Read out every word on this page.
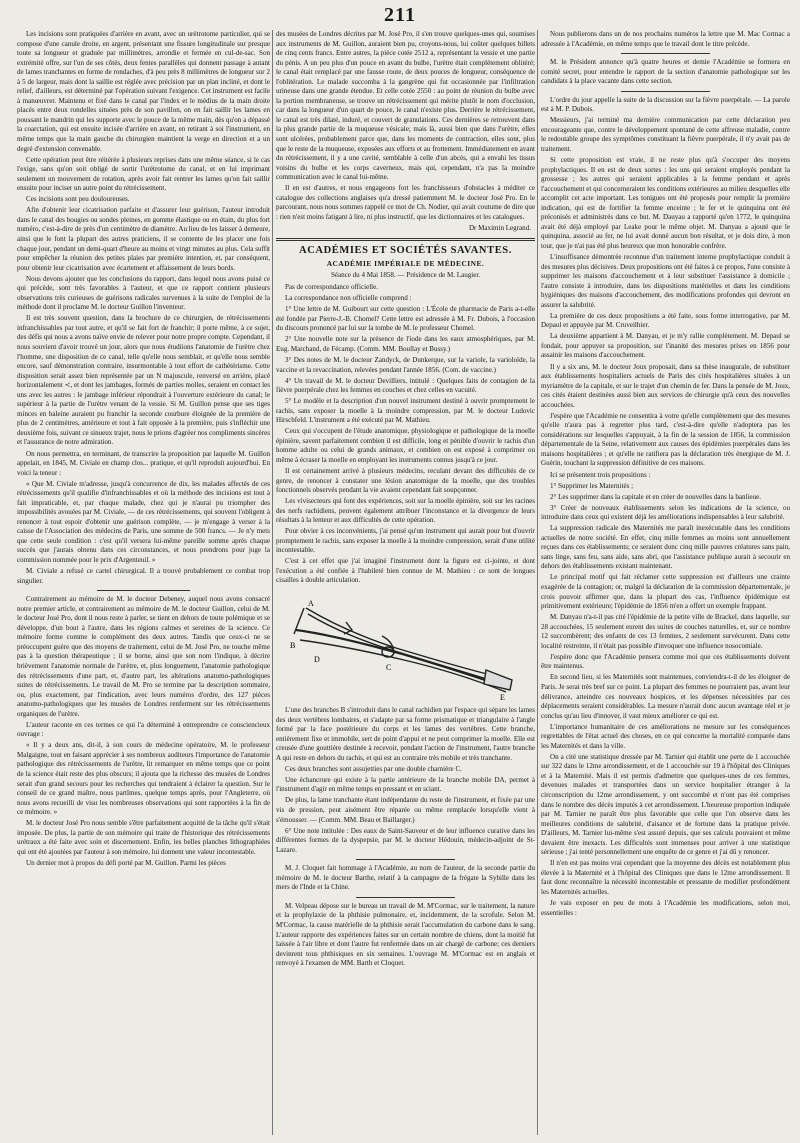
211

Les incisions sont pratiquées d'arrière en avant, avec un urétrotome particulier, qui se compose d'une canule droite, en argent, présentant une fissure longitudinale sur presque toute sa longueur et graduée par millimètres, arrondie et fermée en cul-de-sac. Son extrémité offre, sur l'un de ses côtés, deux fentes parallèles qui donnent passage à autant de lames tranchantes en forme de rondaches, d'à peu près 8 millimètres de longueur sur 2 à 5 de largeur, mais dont la saillie est réglée avec précision par un plan incliné, et dont le relief, d'ailleurs, est déterminé par l'opération suivant l'exigence. Cet instrument est facile à manœuvrer. Maintenu et fixé dans le canal par l'index et le médius de la main droite placés entre deux rondelles situées près de son pavillon, on en fait saillir les lames en poussant le mandrin qui les supporte avec le pouce de la même main, dès qu'on a dépassé la coarctation, qui est ensuite incisée d'arrière en avant, en retirant à soi l'instrument, en même temps que la main gauche du chirurgien maintient la verge en direction et a un degré d'extension convenable.

Cette opération peut être réitérée à plusieurs reprises dans une même séance, si le cas l'exige, sans qu'on soit obligé de sortir l'urétrotome du canal, et en lui imprimant seulement un mouvement de rotation, après avoir fait rentrer les lames qu'on fait saillir ensuite pour inciser un autre point du rétrécissement.

Ces incisions sont peu douloureuses.

Afin d'obtenir leur cicatrisation parfaite et d'assurer leur guérison, l'auteur introduit dans le canal des bougies ou sondes pleines, en gomme élastique ou en étain, du plus fort numéro, c'est-à-dire de près d'un centimètre de diamètre. Au lieu de les laisser à demeure, ainsi que le font la plupart des autres praticiens, il se contente de les placer une fois chaque jour, pendant un demi-quart d'heure au moins et vingt minutes au plus. Cela suffit pour empêcher la réunion des petites plaies par première intention, et, par conséquent, pour obtenir leur cicatrisation avec écartement et affaissement de leurs bords.

Nous devons ajouter que les conclusions du rapport, dans lequel nous avons puisé ce qui précède, sont très favorables à l'auteur, et que ce rapport contient plusieurs observations très curieuses de guérisons radicales survenues à la suite de l'emploi de la méthode dont il proclame M. le docteur Guillon l'inventeur.

Il est très souvent question, dans la brochure de ce chirurgien, de rétrécissements infranchissables par tout autre, et qu'il se fait fort de franchir; il porte même, à ce sujet, des défis qui nous a avons naïve envie de relever pour notre propre compte. Cependant, il nous souvient d'avoir trouvé un jour, alors que nous étudiions l'anatomie de l'urètre chez l'homme, une disposition de ce canal, telle qu'elle nous semblait, et qu'elle nous semble encore, sauf démonstration contraire, insurmontable à tout effort de cathétérisme. Cette disposition serait assez bien représentée par un N majuscule, renversé en arrière, placé horizontalement ≺, et dont les jambages, formés de parties molles, seraient en contact les uns avec les autres : le jambage inférieur répondrait à l'ouverture extérieure du canal; le supérieur à la partie de l'urètre venant de la vessie. Si M. Guillon pense que ses tiges minces en baleine auraient pu franchir la seconde courbure éloignée de la première de plus de 2 centimètres, antérieure et tout à fait opposée à la première, puis s'infléchir une deuxième fois, suivant ce sinueux trajet, nous le prions d'agréer nos compliments sincères et l'assurance de notre admiration.

On nous permettra, en terminant, de transcrire la proposition par laquelle M. Guillon appelait, en 1845, M. Civiale en champ clos... pratique, et qu'il reproduit aujourd'hui. En voici la teneur :

« Que M. Civiale m'adresse, jusqu'à concurrence de dix, les malades affectés de ces rétrécissements qu'il qualifie d'infranchissables et où la méthode des incisions est tout à fait impraticable, et, par chaque malade, chez qui je n'aurai pu triompher des impossibilités avouées par M. Civiale, — de ces rétrécissements, qui souvent l'obligent à renoncer à tout espoir d'obtenir une guérison complète, — je m'engage à verser à la caisse de l'Association des médecins de Paris, une somme de 500 francs. — Je n'y mets que cette seule condition : c'est qu'il versera lui-même pareille somme après chaque succès que j'aurais obtenu dans ces circonstances, et nous prendrons pour juge la commission nommée pour le prix d'Argenteuil. »

M. Civiale a refusé ce cartel chirurgical. Il a trouvé probablement ce combat trop singulier.

Contrairement au mémoire de M. le docteur Debeney, auquel nous avons consacré notre premier article, et contrairement au mémoire de M. le docteur Guillon, celui de M. le docteur José Pro, dont il nous reste à parler, se tient en dehors de toute polémique et se développe, d'un bout à l'autre, dans les régions calmes et sereines de la science. Ce mémoire forme comme le complément des deux autres. Tandis que ceux-ci ne se préoccupent guère que des moyens de traitement, celui de M. José Pro, ne touche même pas à la question thérapeutique ; il se borne, ainsi que son nom l'indique, à décrire brièvement l'anatomie normale de l'urètre, et, plus longuement, l'anatomie pathologique des rétrécissements d'une part, et, d'autre part, les altérations anatomo-pathologiques suites de rétrécissements. Le travail de M. Pro se termine par la description sommaire, ou, plus exactement, par l'indication, avec leurs numéros d'ordre, des 127 pièces anatomo-pathologiques que les musées de Londres renferment sur les rétrécissements organiques de l'urètre.

L'auteur raconte en ces termes ce qui l'a déterminé à entreprendre ce consciencieux ouvrage :

« Il y a deux ans, dit-il, à son cours de médecine opératoire, M. le professeur Malgaigne, tout en faisant apprécier à ses nombreux auditeurs l'importance de l'anatomie pathologique des rétrécissements de l'urètre, lit remarquer en même temps que ce point de la science était reste des plus obscurs; il ajouta que la richesse des musées de Londres serait d'un grand secours pour les recherches qui tendraient à éclairer la question. Sur le conseil de ce grand maître, nous partîmes, quelque temps après, pour l'Angleterre, où nous avons recueilli de visu les nombreuses observations qui sont rapportées à la fin de ce mémoire. »

M. le docteur José Pro nous semble s'être parfaitement acquitté de la tâche qu'il s'était imposée. De plus, la partie de son mémoire qui traite de l'historique des rétrécissements urétraux a été faite avec soin et discernement. Enfin, les belles planches lithographiées qui ont été ajoutées par l'auteur à son mémoire, lui donnent une valeur incontestable.

Un dernier mot à propos du défi porté par M. Guillon. Parmi les pièces

des musées de Londres décrites par M. José Pro, il s'en trouve quelques-unes qui, soumises aux instruments de M. Guillon, auraient bien pu, croyons-nous, lui coûter quelques billets de cinq cents francs. Entre autres, la pièce cotée 2512 a, représentant la vessie et une partie du pénis. A un peu plus d'un pouce en avant du bulbe, l'urètre était complètement oblitéré; le canal était remplacé par une fausse route, de deux pouces de longueur, conséquence de l'oblitération. Le malade succomba à la gangrène qui fut occasionnée par l'infiltration urineuse dans une grande étendue. Et celle cotée 2550 : au point de réunion du bulbe avec la portion membraneuse, se trouve un rétrécissement qui mérite plutôt le nom d'occlusion, car dans la longueur d'un quart de pouce, le canal n'existe plus. Derrière le rétrécissement, le canal est très dilaté, induré, et couvert de granulations. Ces dernières se retrouvent dans la plus grande partie de la muqueuse vésicale; mais là, aussi bien que dans l'urètre, elles sont ulcérées, probablement parce que, dans les moments de contraction, elles sont, plus que le reste de la muqueuse, exposées aux efforts et au frottement. Immédiatement en avant du rétrécissement, il y a une cavité, semblable à celle d'un abcès, qui a envahi les tissus voisins du bulbe et les corps caverneux, mais qui, cependant, n'a pas la moindre communication avec le canal lui-même.

Il en est d'autres, et nous engageons fort les franchisseurs d'obstacles à méditer ce catalogue des collections anglaises qu'a dressé patiemment M. le docteur José Pro. En le parcourant, nous nous sommes rappelé ce mot de Ch. Nodier, qui avait coutume de dire que : rien n'est moins fatigant à lire, ni plus instructif, que les dictionnaires et les catalogues.

Dr Maximin Legrand.
ACADÉMIES ET SOCIÉTÉS SAVANTES.
ACADÉMIE IMPÉRIALE DE MÉDECINE.
Séance du 4 Mai 1858. — Présidence de M. Laugier.

Pas de correspondance officielle.

La correspondance non officielle comprend :

1° Une lettre de M. Guibourt sur cette question : L'École de pharmacie de Paris a-t-elle été fondée par Pierre-J.-B. Chomel? Cette lettre est adressée à M. Fr. Dubois, à l'occasion du discours prononcé par lui sur la tombe de M. le professeur Chomel.

2° Une nouvelle note sur la présence de l'iode dans les eaux atmosphériques, par M. Eug. Marchand, de Fécamp. (Comm. MM. Boullay et Bussy.)

3° Des notes de M. le docteur Zandyck, de Dunkerque, sur la variole, la varioloïde, la vaccine et la revaccination, relevées pendant l'année 1856. (Com. de vaccine.)

4° Un travail de M. le docteur Devilliers, intitulé : Quelques faits de contagion de la fièvre puerpérale chez les femmes en couches et chez celles en vacuité.

5° Le modèle et la description d'un nouvel instrument destiné à ouvrir promptement le rachis, sans exposer la moelle à la moindre compression, par M. le docteur Ludovic Hirschfeld. L'instrument a été exécuté par M. Mathieu.

Ceux qui s'occupent de l'étude anatomique, physiologique et pathologique de la moelle épinière, savent parfaitement combien il est difficile, long et pénible d'ouvrir le rachis d'un homme adulte ou celui de grands animaux, et combien on est exposé à comprimer ou même à écraser la moelle en employant les instruments connus jusqu'à ce jour.

Il est certainement arrivé à plusieurs médecins, reculant devant des difficultés de ce genre, de renoncer à constater une lésion anatomique de la moelle, que des troubles fonctionnels observés pendant la vie avaient cependant fait soupçonner.

Les vivisecteurs qui font des expériences, soit sur la moelle épinière, soit sur les racines des nerfs rachidiens, peuvent également attribuer l'inconstance et la divergence de leurs résultats à la lenteur et aux difficultés de cette opération.

Pour obvier à ces inconvénients, j'ai pensé qu'un instrument qui aurait pour but d'ouvrir promptement le rachis, sans exposer la moelle à la moindre compression, serait d'une utilité incontestable.

C'est à cet effet que j'ai imaginé l'instrument dont la figure est ci-jointe, et dont l'exécution a été confiée à l'habileté bien connue de M. Mathieu : ce sont de longues cisailles à double articulation.

A
B
C
D
E

L'une des branches B s'introduit dans le canal rachidien par l'espace qui sépare les lames des deux vertèbres lombaires, et s'adapte par sa forme prismatique et triangulaire à l'angle formé par la face postérieure du corps et les lames des vertèbres. Cette branche, entièrement fixe et immobile, sert de point d'appui et ne peut comprimer la moelle. Elle est creusée d'une gouttière destinée à recevoir, pendant l'action de l'instrument, l'autre branche A qui reste en dehors du rachis, et qui est au contraire très mobile et très tranchante.

Ces deux branches sont assujetties par une double charnière C.

Une échancrure qui existe à la partie antérieure de la branche mobile DA, permet à l'instrument d'agir en même temps en pressant et en sciant.

De plus, la lame tranchante étant indépendante du reste de l'instrument, et fixée par une vis de pression, peut aisément être réparée ou même remplacée lorsqu'elle vient à s'émousser. — (Comm. MM. Beau et Baillarger.)

6° Une note intitulée : Des eaux de Saint-Sauveur et de leur influence curative dans les différentes formes de la dyspepsie, par M. le docteur Hédouin, médecin-adjoint de St-Lazare.

M. J. Cloquet fait hommage à l'Académie, au nom de l'auteur, de la seconde partie du mémoire de M. le docteur Barthe, relatif à la campagne de la frégate la Sybille dans les mers de l'Inde et la Chine.

M. Velpeau dépose sur le bureau un travail de M. M'Cormac, sur le traitement, la nature et la prophylaxie de la phthisie pulmonaire, et, incidemment, de la scrofule. Selon M. M'Cormac, la cause matérielle de la phthisie serait l'accumulation du carbone dans le sang. L'auteur rapporte des expériences faites sur un certain nombre de chiens, dont la moitié fut laissée à l'air libre et dont l'autre fut renfermée dans un air chargé de carbone; ces derniers devinrent tous phthisiques en six semaines. L'ouvrage M. M'Cormac est en anglais et renvoyé à l'examen de MM. Barth et Cloquet.

Nous publierons dans un de nos prochains numéros la lettre que M. Mac Cormac a adressée à l'Académie, en même temps que le travail dont le titre précède.

M. le Président annonce qu'à quatre heures et demie l'Académie se formera en comité secret, pour entendre le rapport de la section d'anatomie pathologique sur les candidats à la place vacante dans cette section.

L'ordre du jour appelle la suite de la discussion sur la fièvre puerpérale. — La parole est à M. P. Dubois.

Messieurs, j'ai terminé ma dernière communication par cette déclaration peu encourageante que, contre le développement spontané de cette affreuse maladie, contre le redoutable groupe des symptômes constituant la fièvre puerpérale, il n'y avait pas de traitement.

Si cette proposition est vraie, il ne reste plus qu'à s'occuper des moyens prophylactiques. Il en est de deux sortes : les uns qui seraient employés pendant la grossesse ; les autres qui seraient applicables à la femme pendant et après l'accouchement et qui concerneraient les conditions extérieures au milieu desquelles elle accomplit cet acte important. Les tonigues ont été proposés pour remplir la première indication, qui est de fortifier la femme enceinte ; le fer et le quinquina ont été préconisés et administrés dans ce but. M. Dauyau a rapporté qu'en 1772, le quinquina avait été déjà employé par Leake pour le même objet. M. Danyau a ajouté que le quinquina, associé au fer, ne lui avait donné aucun bon résultat, et je dois dire, à mon tour, que je n'ai pas été plus heureux que mon honorable confrère.

L'insuffisance démontrée reconnue d'un traitement interne prophylactique conduit à des mesures plus décisives. Deux propositions ont été faites à ce propos, l'une consiste à supprimer les maisons d'accouchement et à leur substituer l'assistance à domicile ; l'autre consiste à introduire, dans les dispositions matérielles et dans les conditions hygiéniques des maisons d'accouchement, des modifications profondes qui devront en assurer la salubrité.

La première de ces deux propositions a été faite, sous forme interrogative, par M. Depaul et appuyée par M. Cruveilhier.

La deuxième appartient à M. Danyau, et je m'y rallie complètement. M. Depaul se fondait, pour appuyer sa proposition, sur l'inanité des mesures prises en 1856 pour assainir les maisons d'accouchement.

Il y a six ans, M. le docteur Joux proposait, dans sa thèse inaugurale, de substituer aux établissements hospitaliers actuels de Paris des cités hospitalières situées à un myriamètre de la capitale, et sur le trajet d'un chemin de fer. Dans la pensée de M. Joux, ces cités étaient destinées aussi bien aux services de chirurgie qu'à ceux des nouvelles accouchées.

J'espère que l'Académie ne consentira à votre qu'elle complètement que des mesures qu'elle n'aura pas à regretter plus tard, c'est-à-dire qu'elle n'adoptera pas les considérations sur lesquelles s'appuyait, à la fin de la session de 1856, la commission départementale de la Seine, relativement aux causes des épidémies puerpérales dans les maisons hospitalières ; et qu'elle ne ratifiera pas la déclaration très énergique de M. J. Guérin, touchant la suppression définitive de ces maisons.

Ici se présentent trois propositions :

1° Supprimer les Maternités ;

2° Les supprimer dans la capitale et en créer de nouvelles dans la banlieue.

3° Créer de nouveaux établissements selon les indications de la science, ou introduire dans ceux qui existent déjà les améliorations indispensables à leur salubrité.

La suppression radicale des Maternités me paraît inexécutable dans les conditions actuelles de notre société. En effet, cinq mille femmes au moins sont annuellement reçues dans ces établissements; ce seraient donc cinq mille pauvres créatures sans pain, sans linge, sans feu, sans aide, sans abri, que l'assistance publique aurait à secourir en dehors des établissements existant maintenant.

Le principal motif qui fait réclamer cette suppression est d'ailleurs une crainte exagérée de la contagion; or, malgré la déclaration de la commission départementale, je crois pouvoir affirmer que, dans la plupart des cas, l'influence épidémique est primitivement extérieure; l'épidémie de 1856 m'en a offert un exemple frappant.

M. Danyau n'a-t-il pas cité l'épidémie de la petite ville de Brackel, dans laquelle, sur 28 accouchées, 15 seulement eurent des suites de couches naturelles, et, sur ce nombre 12 succombèrent; des enfants de ces 13 femmes, 2 seulement survécurent. Dans cette localité restreinte, il n'était pas possible d'invoquer une influence nosocomiale.

J'espère donc que l'Académie pensera comme moi que ces établissements doivent être maintenus.

En second lieu, si les Maternités sont maintenues, conviendra-t-il de les éloigner de Paris. Je serai très bref sur ce point. La plupart des femmes ne pourraient pas, avant leur délivrance, atteindre ces nouveaux hospices, et les dépenses nécessitées par ces déplacements seraient considérables. La mesure n'aurait donc aucun avantage réel et je conclus qu'au lieu d'innover, il vaut mieux améliorer ce qui est.

L'importance humanitaire de ces améliorations ne mesure sur les conséquences regrettables de l'état actuel des choses, en ce qui concerne la mortalité comparée dans les Maternités et dans la ville.

On a cité une statistique dressée par M. Tarnier qui établit une perte de 1 accouchée sur 322 dans le 12me arrondissement, et de 1 accouchée sur 19 à l'hôpital des Cliniques et à la Maternité. Mais il est permis d'admettre que quelques-unes de ces femmes, devenues malades et transportées dans un service hospitalier étranger à la circonscription du 12me arrondissement, y ont succombé et n'ont pas été comprises dans le nombre des décès imputés à cet arrondissement. L'heureuse proportion indiquée par M. Tarnier ne paraît être plus favorable que celle que l'on observe dans les meilleures conditions de salubrité, d'aisance et de fortune dans la pratique privée. D'ailleurs, M. Tarnier lui-même s'est assuré depuis, que ses calculs pouvaient et même devaient être inexacts. Les difficultés sont immenses pour arriver à une statistique sérieuse ; j'ai tenté personnellement une enquête de ce genre et j'ai dû y renoncer.

Il n'en est pas moins vrai cependant que la moyenne des décès est notablement plus élevée à la Maternité et à l'hôpital des Cliniques que dans le 12me arrondissement. Il faut donc reconnaître la nécessité incontestable et pressante de modifier profondément les Maternités actuelles.

Je vais exposer en peu de mots à l'Académie les modifications, selon moi, essentielles :
